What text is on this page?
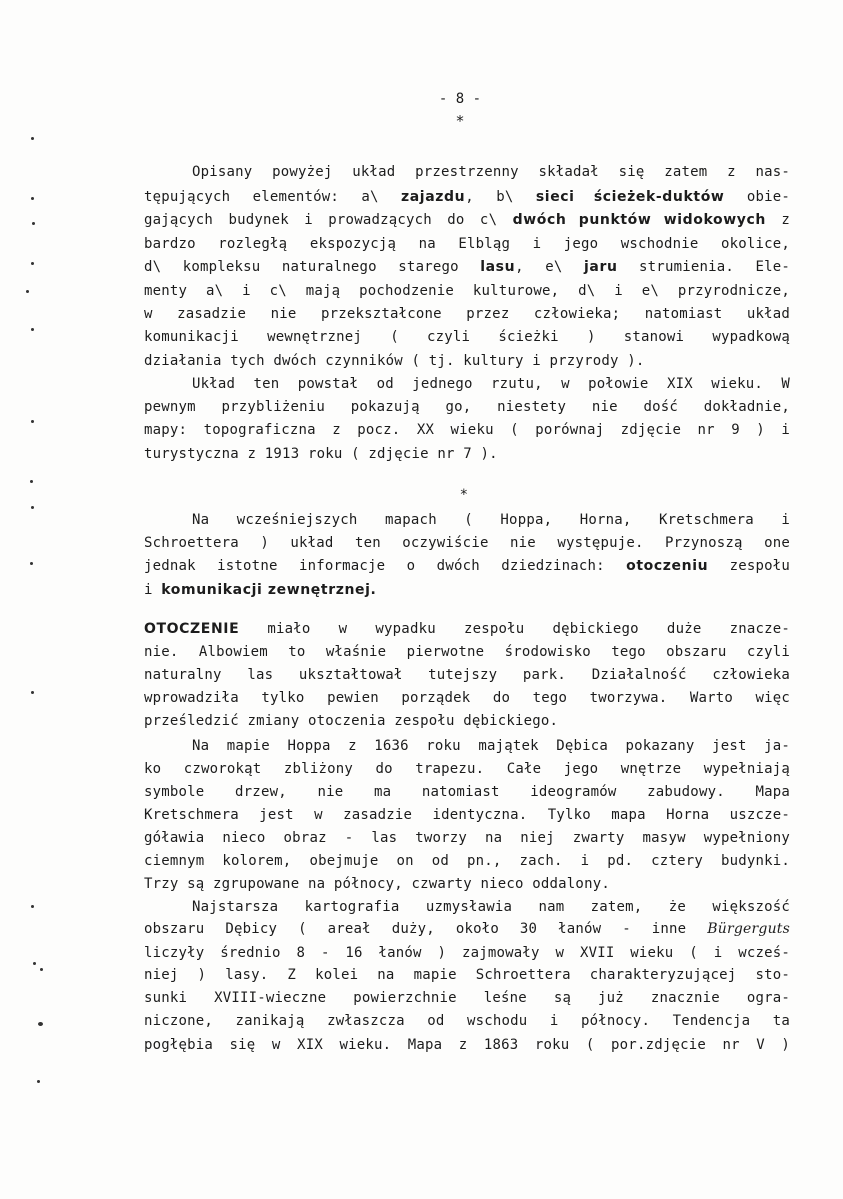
- 8 -
*
Opisany powyżej układ przestrzenny składał się zatem z nas-
tępujących elementów: a\ zajazdu, b\ sieci ścieżek-duktów obie-
gających budynek i prowadzących do c\ dwóch punktów widokowych z
bardzo rozległą ekspozycją na Elbląg i jego wschodnie okolice,
d\ kompleksu naturalnego starego lasu, e\ jaru strumienia. Ele-
menty a\ i c\ mają pochodzenie kulturowe, d\ i e\ przyrodnicze,
w zasadzie nie przekształcone przez człowieka; natomiast układ
komunikacji wewnętrznej ( czyli ścieżki ) stanowi wypadkową
działania tych dwóch czynników ( tj. kultury i przyrody ).
Układ ten powstał od jednego rzutu, w połowie XIX wieku. W
pewnym przybliżeniu pokazują go, niestety nie dość dokładnie,
mapy: topograficzna z pocz. XX wieku ( porównaj zdjęcie nr 9 ) i
turystyczna z 1913 roku ( zdjęcie nr 7 ).
*
Na wcześniejszych mapach ( Hoppa, Horna, Kretschmera i
Schroettera ) układ ten oczywiście nie występuje. Przynoszą one
jednak istotne informacje o dwóch dziedzinach: otoczeniu zespołu
i komunikacji zewnętrznej.
OTOCZENIE miało w wypadku zespołu dębickiego duże znacze-
nie. Albowiem to właśnie pierwotne środowisko tego obszaru czyli
naturalny las ukształtował tutejszy park. Działalność człowieka
wprowadziła tylko pewien porządek do tego tworzywa. Warto więc
prześledzić zmiany otoczenia zespołu dębickiego.
Na mapie Hoppa z 1636 roku majątek Dębica pokazany jest ja-
ko czworokąt zbliżony do trapezu. Całe jego wnętrze wypełniają
symbole drzew, nie ma natomiast ideogramów zabudowy. Mapa
Kretschmera jest w zasadzie identyczna. Tylko mapa Horna uszcze-
góławia nieco obraz - las tworzy na niej zwarty masyw wypełniony
ciemnym kolorem, obejmuje on od pn., zach. i pd. cztery budynki.
Trzy są zgrupowane na północy, czwarty nieco oddalony.
Najstarsza kartografia uzmysławia nam zatem, że większość
obszaru Dębicy ( areał duży, około 30 łanów - inne Bürgerguts
liczyły średnio 8 - 16 łanów ) zajmowały w XVII wieku ( i wcześ-
niej ) lasy. Z kolei na mapie Schroettera charakteryzującej sto-
sunki XVIII-wieczne powierzchnie leśne są już znacznie ogra-
niczone, zanikają zwłaszcza od wschodu i północy. Tendencja ta
pogłębia się w XIX wieku. Mapa z 1863 roku ( por.zdjęcie nr V )
